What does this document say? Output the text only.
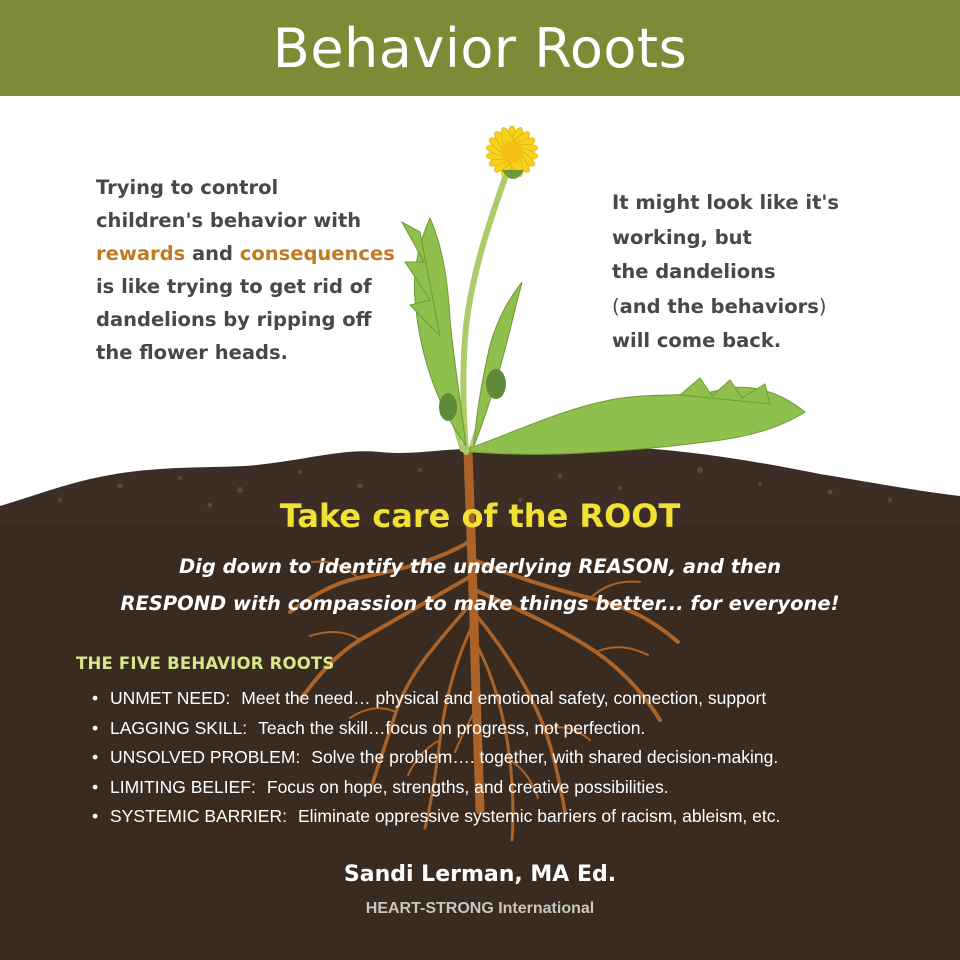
Behavior Roots
Trying to control
children's behavior with
rewards and consequences
is like trying to get rid of
dandelions by ripping off
the flower heads.
It might look like it's
working, but
the dandelions
(and the behaviors)
will come back.
Take care of the ROOT
Dig down to identify the underlying REASON, and then
RESPOND with compassion to make things better... for everyone!
THE FIVE BEHAVIOR ROOTS
• UNMET NEED: Meet the need… physical and emotional safety, connection, support
• LAGGING SKILL: Teach the skill…focus on progress, not perfection.
• UNSOLVED PROBLEM: Solve the problem…. together, with shared decision-making.
• LIMITING BELIEF: Focus on hope, strengths, and creative possibilities.
• SYSTEMIC BARRIER: Eliminate oppressive systemic barriers of racism, ableism, etc.
Sandi Lerman, MA Ed.
HEART-STRONG International
